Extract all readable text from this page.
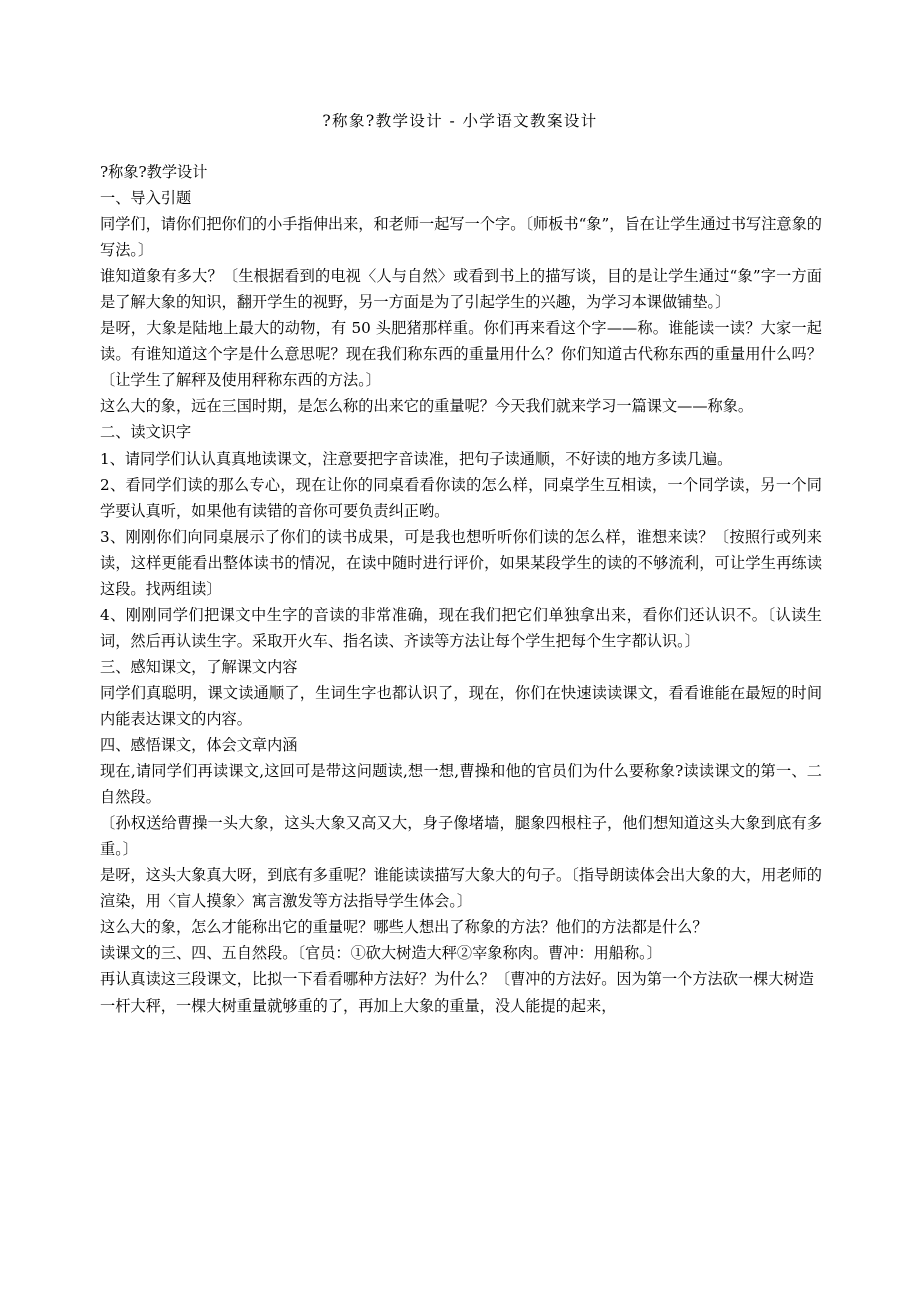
?称象?教学设计 - 小学语文教案设计

?称象?教学设计

一、导入引题

同学们，请你们把你们的小手指伸出来，和老师一起写一个字。〔师板书“象”，旨在让学生通过书写注意象的写法。〕

谁知道象有多大？〔生根据看到的电视〈人与自然〉或看到书上的描写谈，目的是让学生通过“象”字一方面是了解大象的知识，翻开学生的视野，另一方面是为了引起学生的兴趣，为学习本课做铺垫。〕

是呀，大象是陆地上最大的动物，有 50 头肥猪那样重。你们再来看这个字——称。谁能读一读？大家一起读。有谁知道这个字是什么意思呢？现在我们称东西的重量用什么？你们知道古代称东西的重量用什么吗？〔让学生了解秤及使用秤称东西的方法。〕

这么大的象，远在三国时期，是怎么称的出来它的重量呢？今天我们就来学习一篇课文——称象。

二、读文识字

1、请同学们认认真真地读课文，注意要把字音读准，把句子读通顺，不好读的地方多读几遍。

2、看同学们读的那么专心，现在让你的同桌看看你读的怎么样，同桌学生互相读，一个同学读，另一个同学要认真听，如果他有读错的音你可要负责纠正哟。

3、刚刚你们向同桌展示了你们的读书成果，可是我也想听听你们读的怎么样，谁想来读？〔按照行或列来读，这样更能看出整体读书的情况，在读中随时进行评价，如果某段学生的读的不够流利，可让学生再练读这段。找两组读〕

4、刚刚同学们把课文中生字的音读的非常准确，现在我们把它们单独拿出来，看你们还认识不。〔认读生词，然后再认读生字。采取开火车、指名读、齐读等方法让每个学生把每个生字都认识。〕

三、感知课文，了解课文内容

同学们真聪明，课文读通顺了，生词生字也都认识了，现在，你们在快速读读课文，看看谁能在最短的时间内能表达课文的内容。

四、感悟课文，体会文章内涵

现在,请同学们再读课文,这回可是带这问题读,想一想,曹操和他的官员们为什么要称象?读读课文的第一、二自然段。

〔孙权送给曹操一头大象，这头大象又高又大，身子像堵墙，腿象四根柱子，他们想知道这头大象到底有多重。〕

是呀，这头大象真大呀，到底有多重呢？谁能读读描写大象大的句子。〔指导朗读体会出大象的大，用老师的渲染，用〈盲人摸象〉寓言激发等方法指导学生体会。〕

这么大的象，怎么才能称出它的重量呢？哪些人想出了称象的方法？他们的方法都是什么？

读课文的三、四、五自然段。〔官员：①砍大树造大秤②宰象称肉。曹冲：用船称。〕

再认真读这三段课文，比拟一下看看哪种方法好？为什么？〔曹冲的方法好。因为第一个方法砍一棵大树造一杆大秤，一棵大树重量就够重的了，再加上大象的重量，没人能提的起来，
